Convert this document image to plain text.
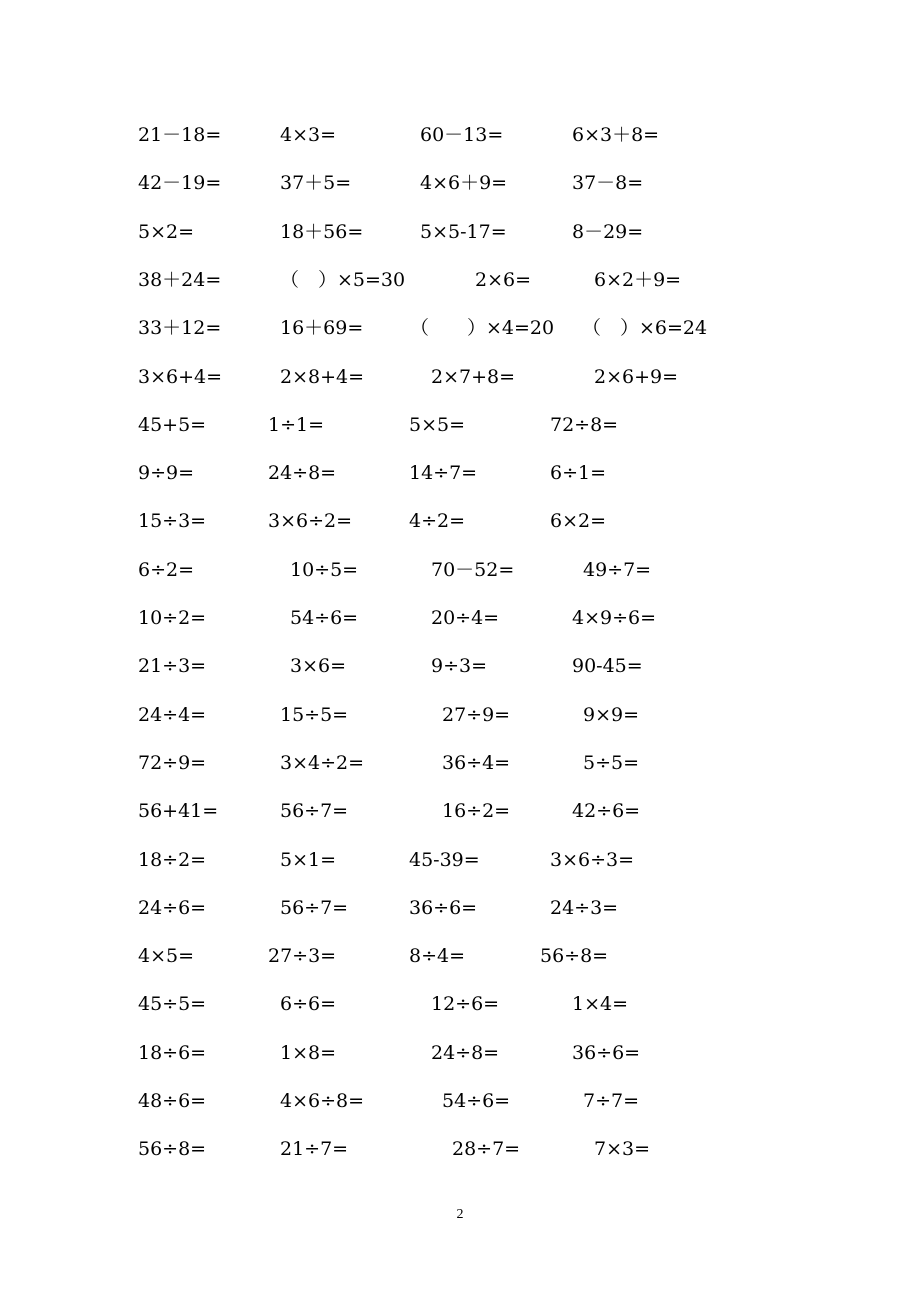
21－18=	4×3=	60－13=	6×3＋8=
42－19=	37＋5=	4×6＋9=	37－8=
5×2=	18＋56=	5×5-17=	8－29=
38＋24=	（　）×5=30	2×6=	6×2＋9=
33＋12=	16＋69= （　　）×4=20 （　）×6=24
3×6+4=	2×8+4=	2×7+8=	2×6+9=
45+5=	1÷1=	5×5=	72÷8=
9÷9=	24÷8=	14÷7=	6÷1=
15÷3=	3×6÷2=	4÷2=	6×2=
6÷2=	10÷5=	70－52=	49÷7=
10÷2=	54÷6=	20÷4=	4×9÷6=
21÷3=	3×6=	9÷3=	90-45=
24÷4=	15÷5=	27÷9=	9×9=
72÷9=	3×4÷2=	36÷4=	5÷5=
56+41=	56÷7=	16÷2=	42÷6=
18÷2=	5×1=	45-39=	3×6÷3=
24÷6=	56÷7=	36÷6=	24÷3=
4×5=	27÷3=	8÷4=	56÷8=
45÷5=	6÷6=	12÷6=	1×4=
18÷6=	1×8=	24÷8=	36÷6=
48÷6=	4×6÷8=	54÷6=	7÷7=
56÷8=	21÷7=	28÷7=	7×3=
2
